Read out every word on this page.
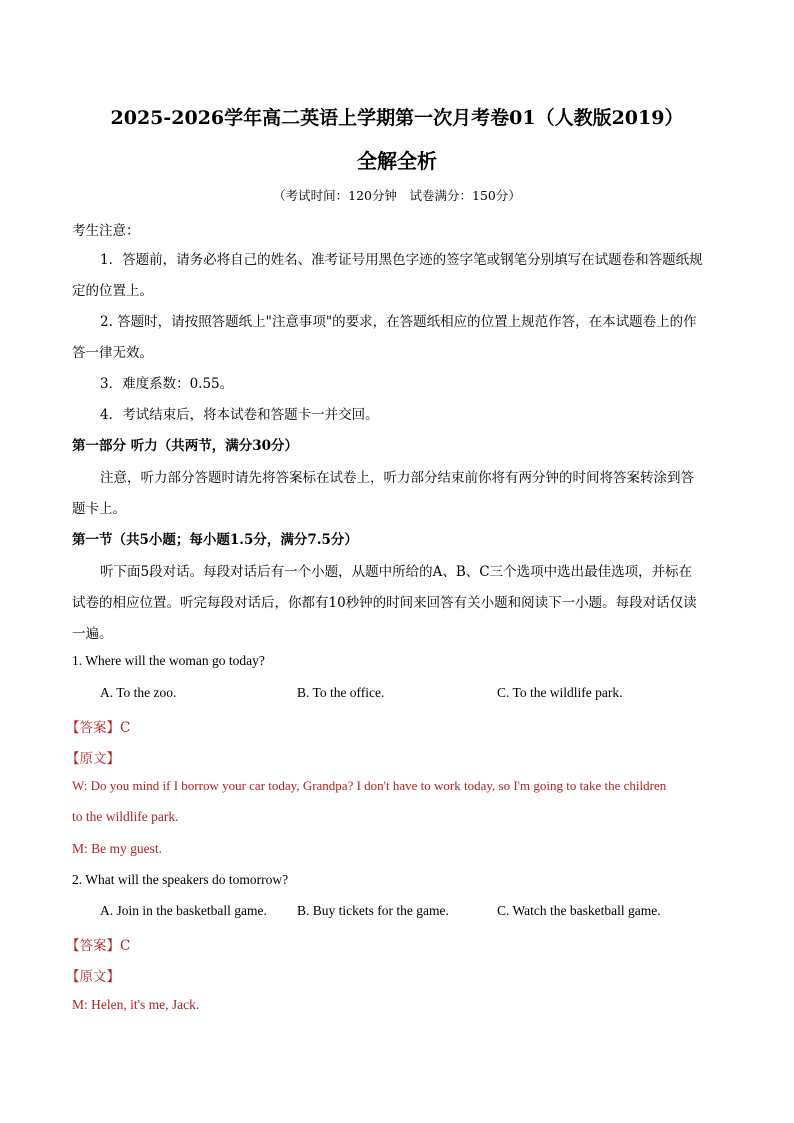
2025-2026学年高二英语上学期第一次月考卷01（人教版2019）
全解全析
（考试时间：120分钟　试卷满分：150分）
考生注意：
1．答题前，请务必将自己的姓名、准考证号用黑色字迹的签字笔或钢笔分别填写在试题卷和答题纸规
定的位置上。
2. 答题时，请按照答题纸上"注意事项"的要求，在答题纸相应的位置上规范作答，在本试题卷上的作
答一律无效。
3．难度系数：0.55。
4．考试结束后，将本试卷和答题卡一并交回。
第一部分 听力（共两节，满分30分）
注意，听力部分答题时请先将答案标在试卷上，听力部分结束前你将有两分钟的时间将答案转涂到答
题卡上。
第一节（共5小题；每小题1.5分，满分7.5分）
听下面5段对话。每段对话后有一个小题，从题中所给的A、B、C三个选项中选出最佳选项，并标在
试卷的相应位置。听完每段对话后，你都有10秒钟的时间来回答有关小题和阅读下一小题。每段对话仅读
一遍。
1. Where will the woman go today?
A. To the zoo.	B. To the office.	C. To the wildlife park.
【答案】C
【原文】
W: Do you mind if I borrow your car today, Grandpa? I don't have to work today, so I'm going to take the children
to the wildlife park.
M: Be my guest.
2. What will the speakers do tomorrow?
A. Join in the basketball game. B. Buy tickets for the game.	C. Watch the basketball game.
【答案】C
【原文】
M: Helen, it's me, Jack.
